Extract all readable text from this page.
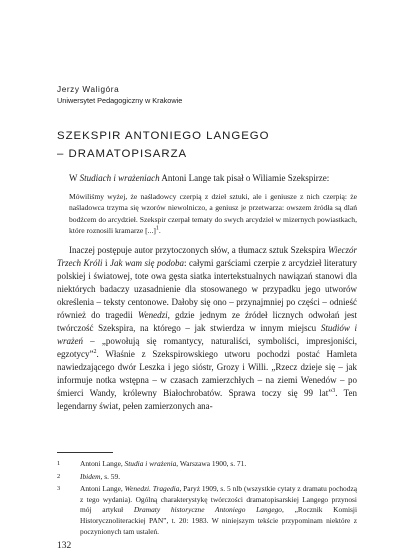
Jerzy Waligóra
Uniwersytet Pedagogiczny w Krakowie
SZEKSPIR ANTONIEGO LANGEGO
– DRAMATOPISARZA

W Studiach i wrażeniach Antoni Lange tak pisał o Wiliamie Szekspirze:

Mówiliśmy wyżej, że naśladowcy czerpią z dzieł sztuki, ale i geniusze z nich czerpią: że naśladowca trzyma się wzorów niewolniczo, a geniusz je przetwarza: owszem źródła są dlań bodźcem do arcydzieł. Szekspir czerpał tematy do swych arcydzieł w mizernych powiastkach, które roznosili kramarze [...]$^1$.

Inaczej postępuje autor przytoczonych słów, a tłumacz sztuk Szekspira Wieczór Trzech Króli i Jak wam się podoba: całymi garściami czerpie z arcydzieł literatury polskiej i światowej, tote owa gęsta siatka intertekstualnych nawiązań stanowi dla niektórych badaczy uzasadnienie dla stosowanego w przypadku jego utworów określenia – teksty centonowe. Dałoby się ono – przynajmniej po części – odnieść również do tragedii Wenedzi, gdzie jednym ze źródeł licznych odwołań jest twórczość Szekspira, na którego – jak stwierdza w innym miejscu Studiów i wrażeń – „powołują się romantycy, naturaliści, symboliści, impresjoniści, egzotycy”$^2$. Właśnie z Szekspirowskiego utworu pochodzi postać Hamleta nawiedzającego dwór Leszka i jego sióstr, Grozy i Willi. „Rzecz dzieje się – jak informuje notka wstępna – w czasach zamierzchłych – na ziemi Wenedów – po śmierci Wandy, królewny Białochrobatów. Sprawa toczy się 99 lat”$^3$. Ten legendarny świat, pełen zamierzonych ana-

1	Antoni Lange, Studia i wrażenia, Warszawa 1900, s. 71.
2	Ibidem, s. 59.
3	Antoni Lange, Wenedzi. Tragedia, Paryż 1909, s. 5 nlb (wszystkie cytaty z dramatu pochodzą z tego wydania). Ogólną charakterystykę twórczości dramatopisarskiej Langego przynosi mój artykuł Dramaty historyczne Antoniego Langego, „Rocznik Komisji Historycznoliterackiej PAN”, t. 20: 1983. W niniejszym tekście przypominam niektóre z poczynionych tam ustaleń.
132
